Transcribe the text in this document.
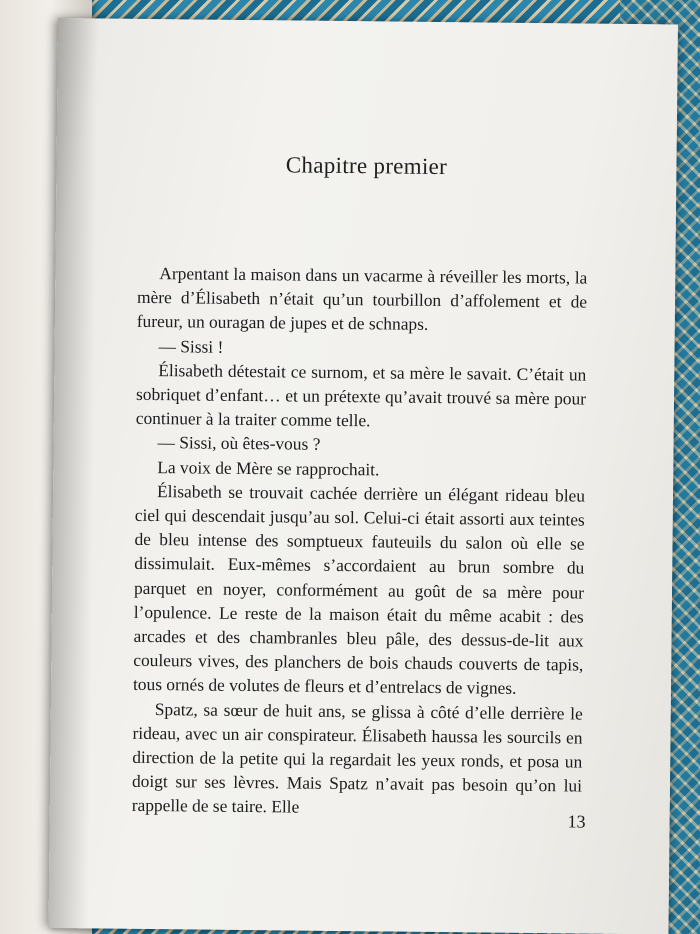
Chapitre premier

Arpentant la maison dans un vacarme à réveiller les morts, la mère d’Élisabeth n’était qu’un tourbillon d’affolement et de fureur, un ouragan de jupes et de schnaps.

— Sissi !

Élisabeth détestait ce surnom, et sa mère le savait. C’était un sobriquet d’enfant… et un prétexte qu’avait trouvé sa mère pour continuer à la traiter comme telle.

— Sissi, où êtes-vous ?

La voix de Mère se rapprochait.

Élisabeth se trouvait cachée derrière un élégant rideau bleu ciel qui descendait jusqu’au sol. Celui-ci était assorti aux teintes de bleu intense des somptueux fauteuils du salon où elle se dissimulait. Eux-mêmes s’accordaient au brun sombre du parquet en noyer, conformément au goût de sa mère pour l’opulence. Le reste de la maison était du même acabit : des arcades et des chambranles bleu pâle, des dessus-de-lit aux couleurs vives, des planchers de bois chauds couverts de tapis, tous ornés de volutes de fleurs et d’entrelacs de vignes.

Spatz, sa sœur de huit ans, se glissa à côté d’elle derrière le rideau, avec un air conspirateur. Élisabeth haussa les sourcils en direction de la petite qui la regardait les yeux ronds, et posa un doigt sur ses lèvres. Mais Spatz n’avait pas besoin qu’on lui rappelle de se taire. Elle

13
